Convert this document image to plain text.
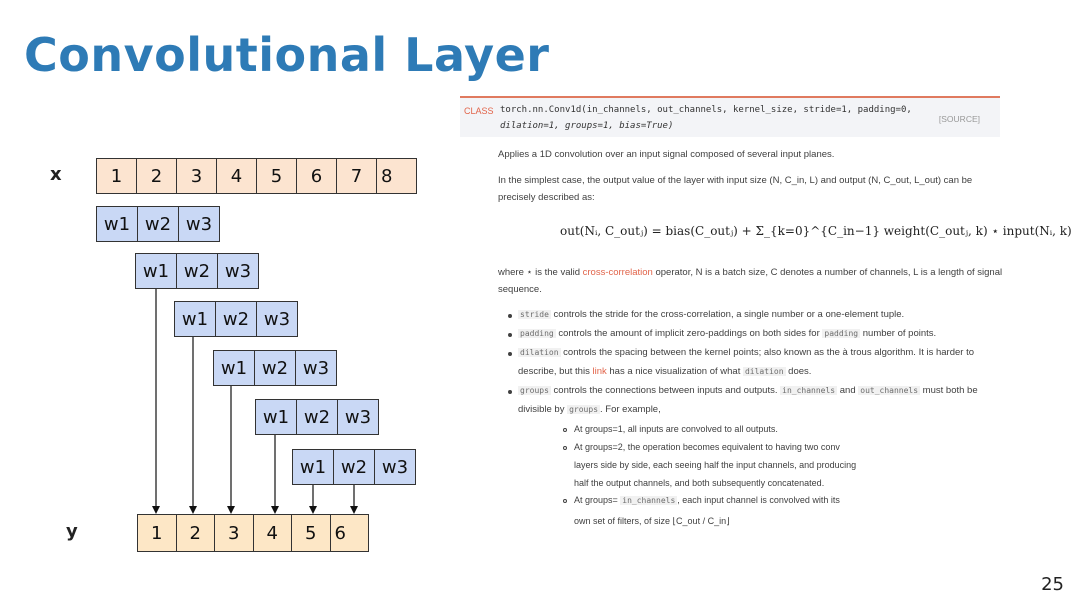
Convolutional Layer
x
y
1	2	3	4	5	6	7	8
w1 w2 w3
w1 w2 w3
w1 w2 w3
w1 w2 w3
w1 w2 w3
w1 w2 w3
1	2	3	4	5	6
CLASS torch.nn.Conv1d(in_channels, out_channels, kernel_size, stride=1, padding=0,
dilation=1, groups=1, bias=True)
[SOURCE]
Applies a 1D convolution over an input signal composed of several input planes.
In the simplest case, the output value of the layer with input size (N, C_in, L) and output (N, C_out, L_out) can be precisely described as:
out(Nᵢ, C_outⱼ) = bias(C_outⱼ) + Σ_{k=0}^{C_in−1} weight(C_outⱼ, k) ⋆ input(Nᵢ, k)
where ⋆ is the valid cross-correlation operator, N is a batch size, C denotes a number of channels, L is a length of signal sequence.
stride controls the stride for the cross-correlation, a single number or a one-element tuple.
padding controls the amount of implicit zero-paddings on both sides for padding number of points.
dilation controls the spacing between the kernel points; also known as the à trous algorithm. It is harder to
describe, but this link has a nice visualization of what dilation does.
groups controls the connections between inputs and outputs. in_channels and out_channels must both be
divisible by groups . For example,
At groups=1, all inputs are convolved to all outputs.
At groups=2, the operation becomes equivalent to having two conv
layers side by side, each seeing half the input channels, and producing
half the output channels, and both subsequently concatenated.
At groups= in_channels , each input channel is convolved with its
own set of filters, of size ⌊C_out / C_in⌋
25
